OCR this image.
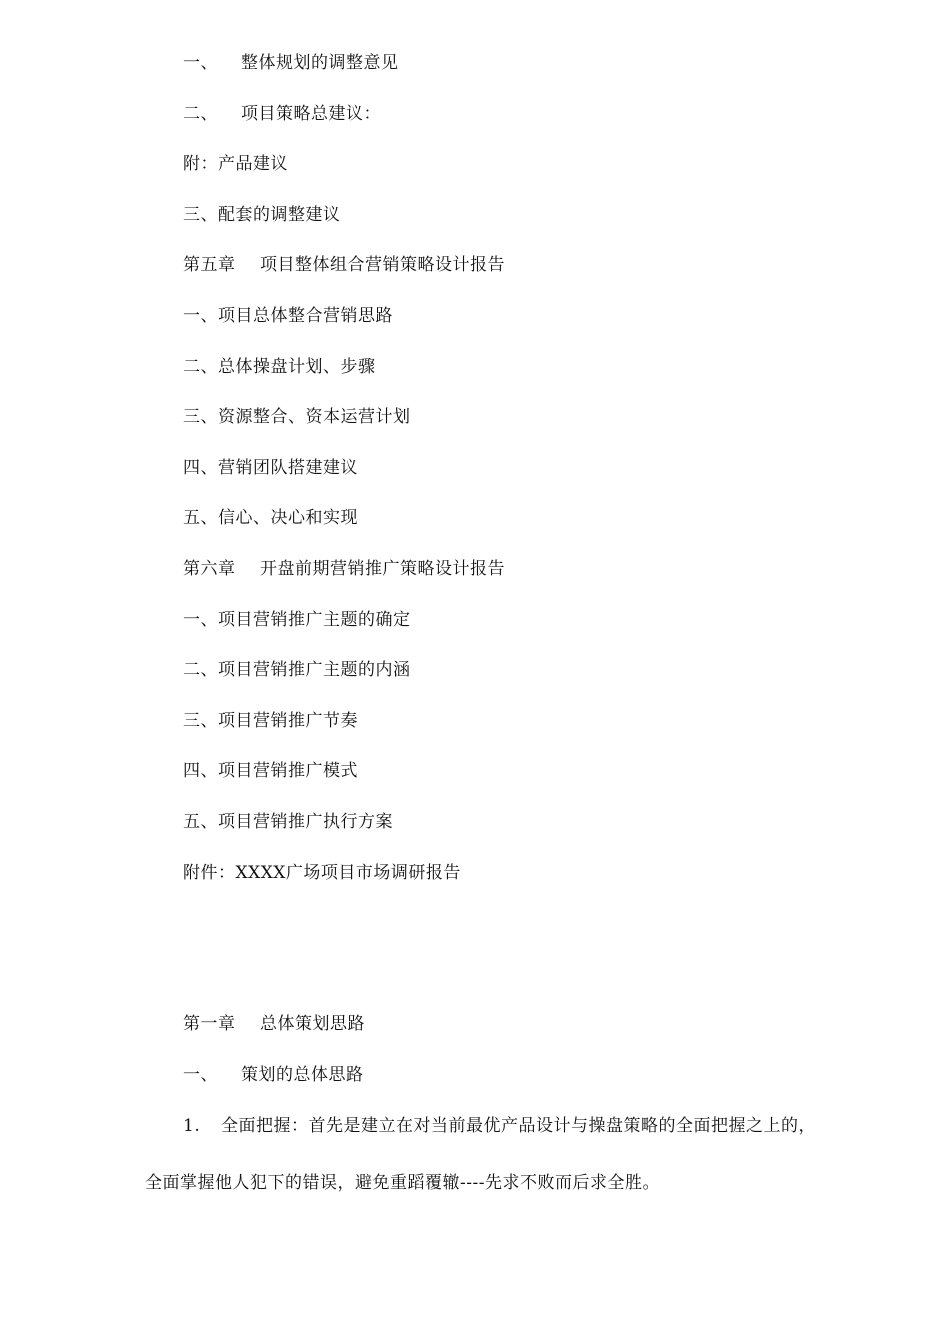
一、 整体规划的调整意见
二、 项目策略总建议：
附：产品建议
三、配套的调整建议
第五章 项目整体组合营销策略设计报告
一、项目总体整合营销思路
二、总体操盘计划、步骤
三、资源整合、资本运营计划
四、营销团队搭建建议
五、信心、决心和实现
第六章 开盘前期营销推广策略设计报告
一、项目营销推广主题的确定
二、项目营销推广主题的内涵
三、项目营销推广节奏
四、项目营销推广模式
五、项目营销推广执行方案
附件：XXXX广场项目市场调研报告
第一章 总体策划思路
一、 策划的总体思路
1. 全面把握：首先是建立在对当前最优产品设计与操盘策略的全面把握之上的，
全面掌握他人犯下的错误，避免重蹈覆辙----先求不败而后求全胜。
